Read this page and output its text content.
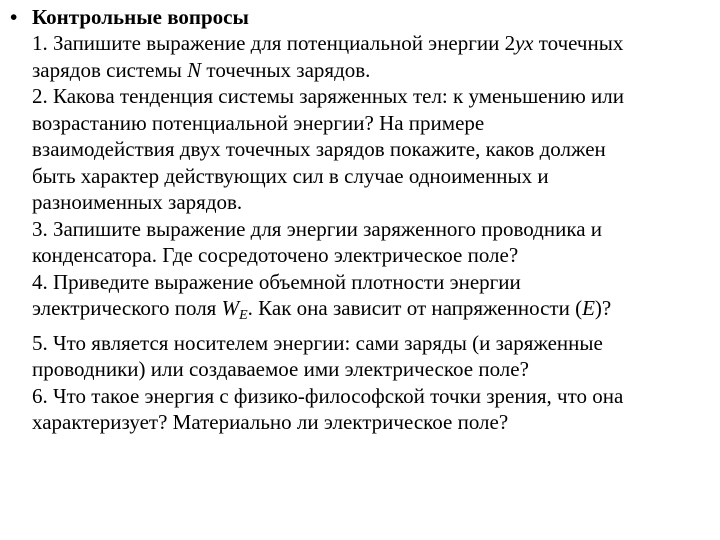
• Контрольные вопросы
1. Запишите выражение для потенциальной энергии 2ух точечных
зарядов системы N точечных зарядов.
2. Какова тенденция системы заряженных тел: к уменьшению или
возрастанию потенциальной энергии? На примере
взаимодействия двух точечных зарядов покажите, каков должен
быть характер действующих сил в случае одноименных и
разноименных зарядов.
3. Запишите выражение для энергии заряженного проводника и
конденсатора. Где сосредоточено электрическое поле?
4. Приведите выражение объемной плотности энергии
электрического поля $W_E$. Как она зависит от напряженности (E)?
5. Что является носителем энергии: сами заряды (и заряженные
проводники) или создаваемое ими электрическое поле?
6. Что такое энергия с физико-философской точки зрения, что она
характеризует? Материально ли электрическое поле?
